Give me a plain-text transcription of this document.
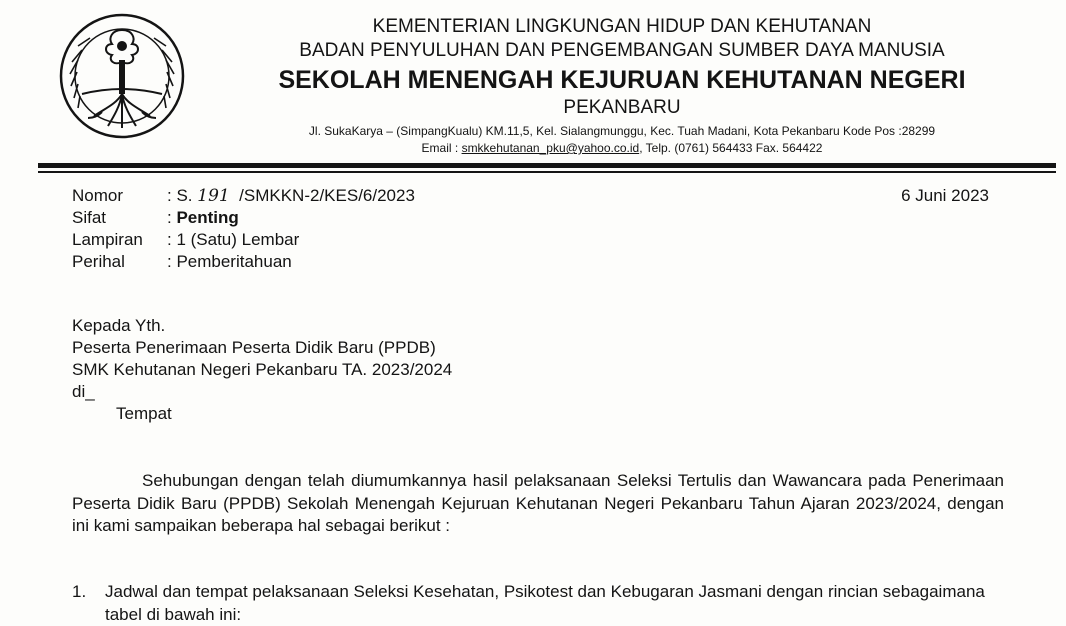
KEMENTERIAN LINGKUNGAN HIDUP DAN KEHUTANAN
BADAN PENYULUHAN DAN PENGEMBANGAN SUMBER DAYA MANUSIA
SEKOLAH MENENGAH KEJURUAN KEHUTANAN NEGERI
PEKANBARU
Jl. SukaKarya – (SimpangKualu) KM.11,5, Kel. Sialangmunggu, Kec. Tuah Madani, Kota Pekanbaru Kode Pos :28299
Email : smkkehutanan_pku@yahoo.co.id, Telp. (0761) 564433 Fax. 564422
Nomor	: S. 191 /SMKKN-2/KES/6/2023
Sifat	: Penting
Lampiran : 1 (Satu) Lembar
Perihal : Pemberitahuan
6 Juni 2023
Kepada Yth.
Peserta Penerimaan Peserta Didik Baru (PPDB)
SMK Kehutanan Negeri Pekanbaru TA. 2023/2024
di_
Tempat
Sehubungan dengan telah diumumkannya hasil pelaksanaan Seleksi Tertulis dan Wawancara pada Penerimaan Peserta Didik Baru (PPDB) Sekolah Menengah Kejuruan Kehutanan Negeri Pekanbaru Tahun Ajaran 2023/2024, dengan ini kami sampaikan beberapa hal sebagai berikut :
1. Jadwal dan tempat pelaksanaan Seleksi Kesehatan, Psikotest dan Kebugaran Jasmani dengan rincian sebagaimana tabel di bawah ini:
